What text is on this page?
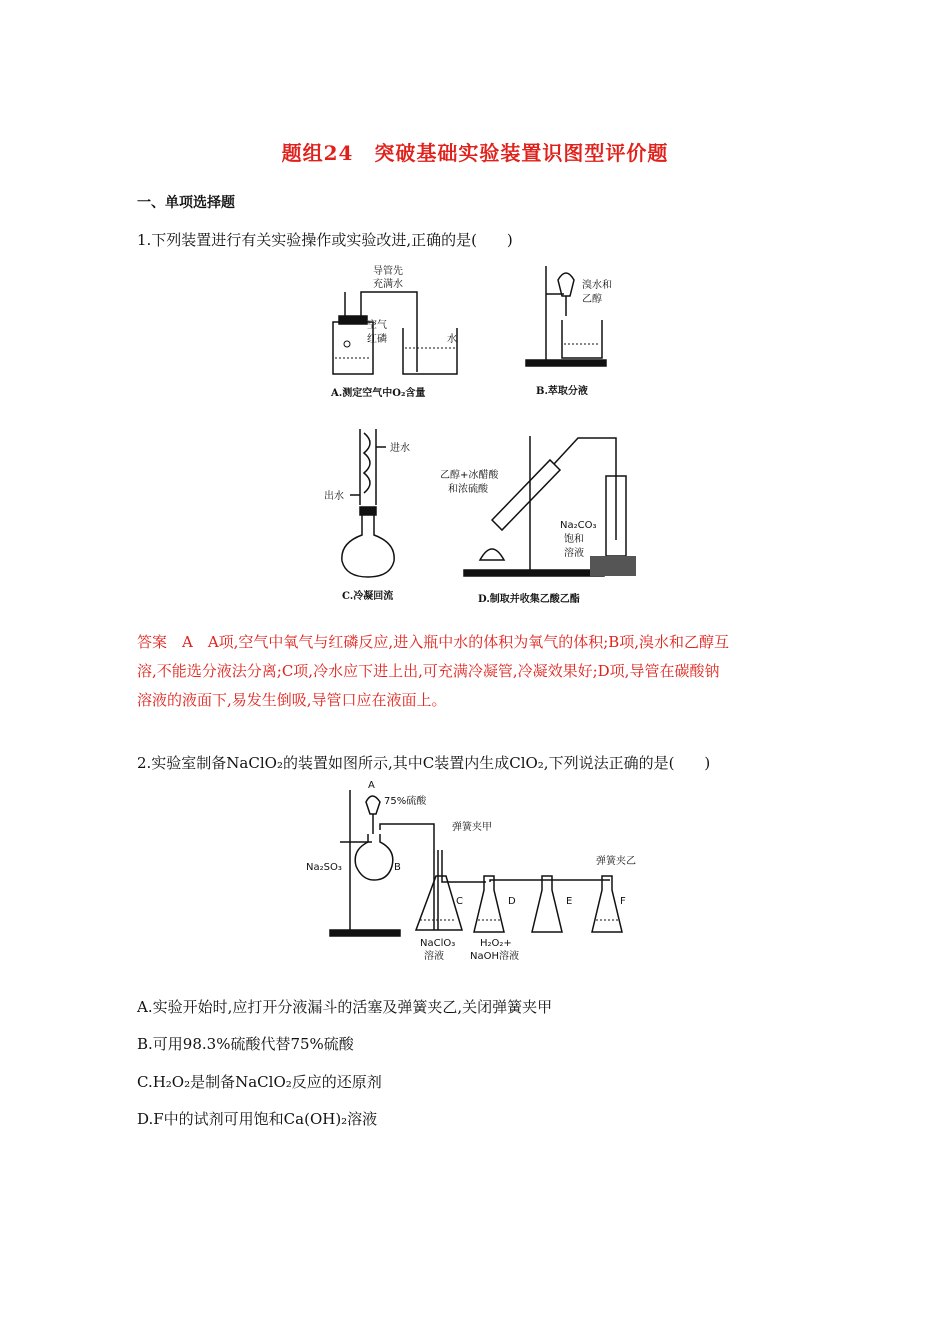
题组24　突破基础实验装置识图型评价题
一、单项选择题
1.下列装置进行有关实验操作或实验改进,正确的是(　　)
导管先
充满水
空气
红磷	水
A.测定空气中O₂含量
溴水和
乙醇
B.萃取分液
进水
出水
C.冷凝回流
乙醇+冰醋酸
和浓硫酸
Na₂CO₃
饱和
溶液
D.制取并收集乙酸乙酯
答案　A　A项,空气中氧气与红磷反应,进入瓶中水的体积为氧气的体积;B项,溴水和乙醇互
溶,不能选分液法分离;C项,冷水应下进上出,可充满冷凝管,冷凝效果好;D项,导管在碳酸钠
溶液的液面下,易发生倒吸,导管口应在液面上。
2.实验室制备NaClO₂的装置如图所示,其中C装置内生成ClO₂,下列说法正确的是(　　)
A
75%硫酸
弹簧夹甲
弹簧夹乙
Na₂SO₃	B
C	D	E	F
NaClO₃
溶液
H₂O₂+
NaOH溶液
A.实验开始时,应打开分液漏斗的活塞及弹簧夹乙,关闭弹簧夹甲
B.可用98.3%硫酸代替75%硫酸
C.H₂O₂是制备NaClO₂反应的还原剂
D.F中的试剂可用饱和Ca(OH)₂溶液
